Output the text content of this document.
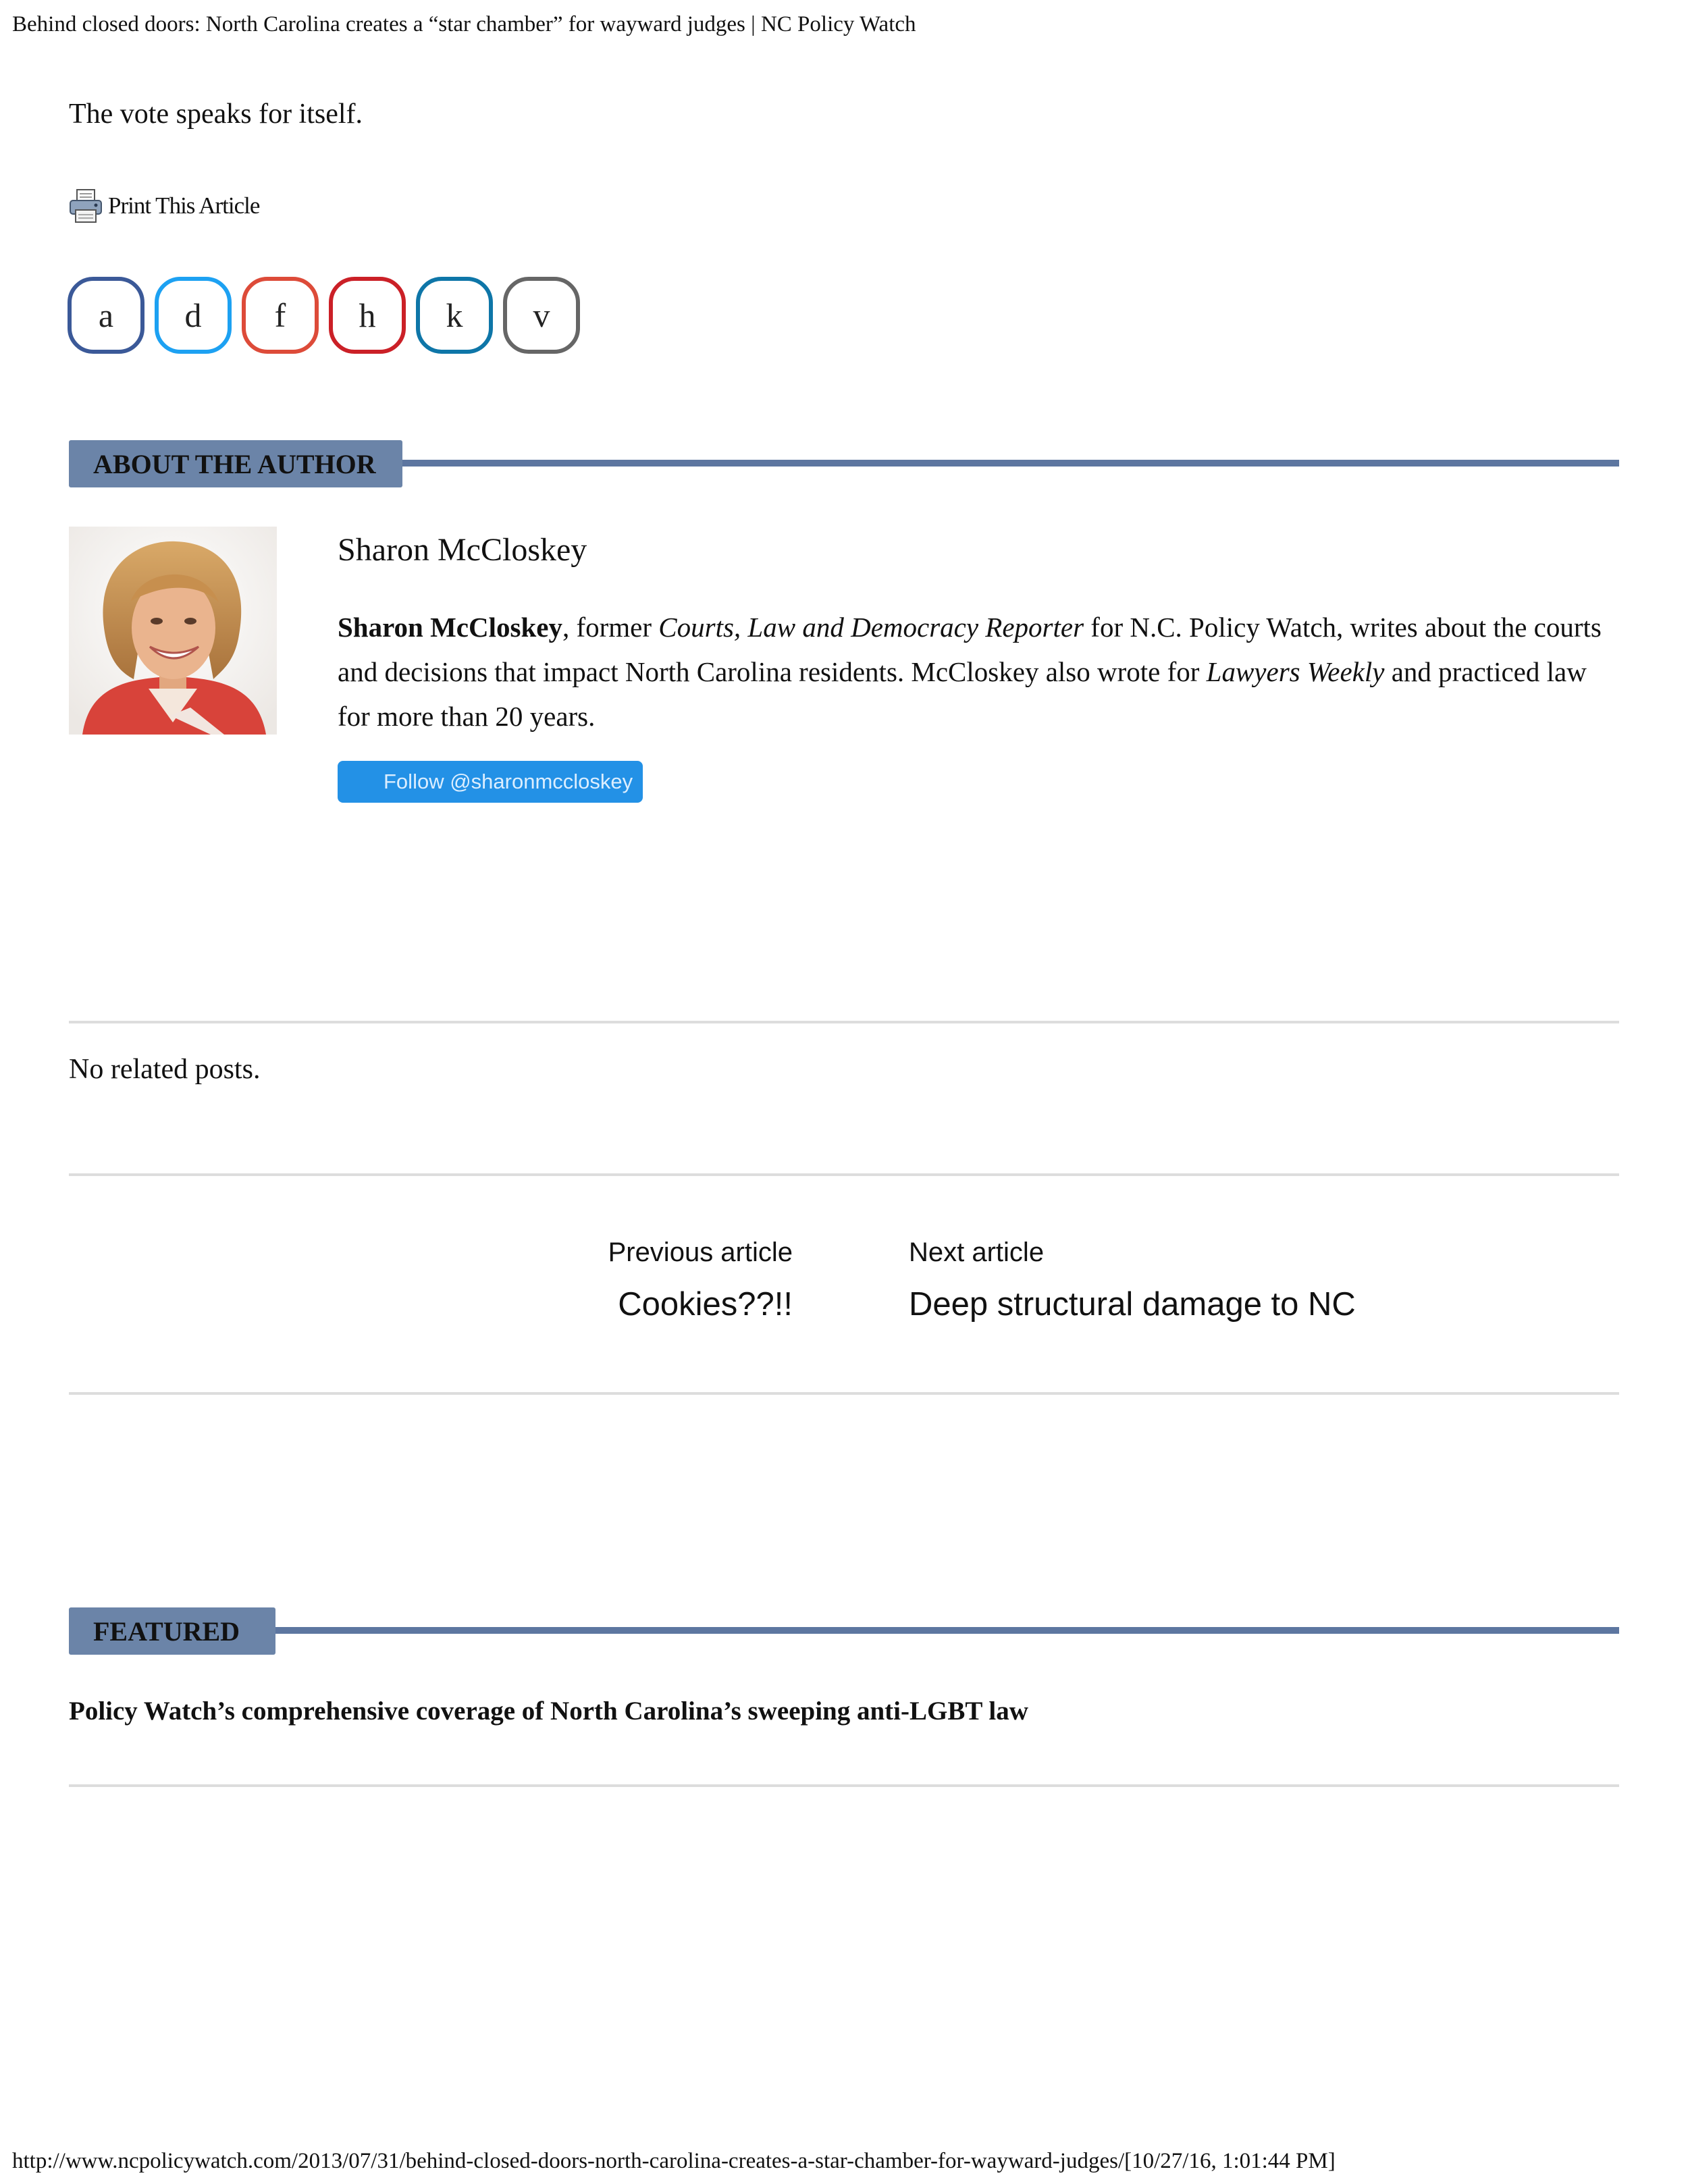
Behind closed doors: North Carolina creates a “star chamber” for wayward judges | NC Policy Watch
The vote speaks for itself.
Print This Article
a d f h k v
ABOUT THE AUTHOR
Sharon McCloskey
Sharon McCloskey, former Courts, Law and Democracy Reporter for N.C. Policy Watch, writes about the courts and decisions that impact North Carolina residents. McCloskey also wrote for Lawyers Weekly and practiced law for more than 20 years.
Follow @sharonmccloskey
No related posts.
Previous article
Cookies??!!
Next article
Deep structural damage to NC
FEATURED
Policy Watch’s comprehensive coverage of North Carolina’s sweeping anti-LGBT law
http://www.ncpolicywatch.com/2013/07/31/behind-closed-doors-north-carolina-creates-a-star-chamber-for-wayward-judges/[10/27/16, 1:01:44 PM]
